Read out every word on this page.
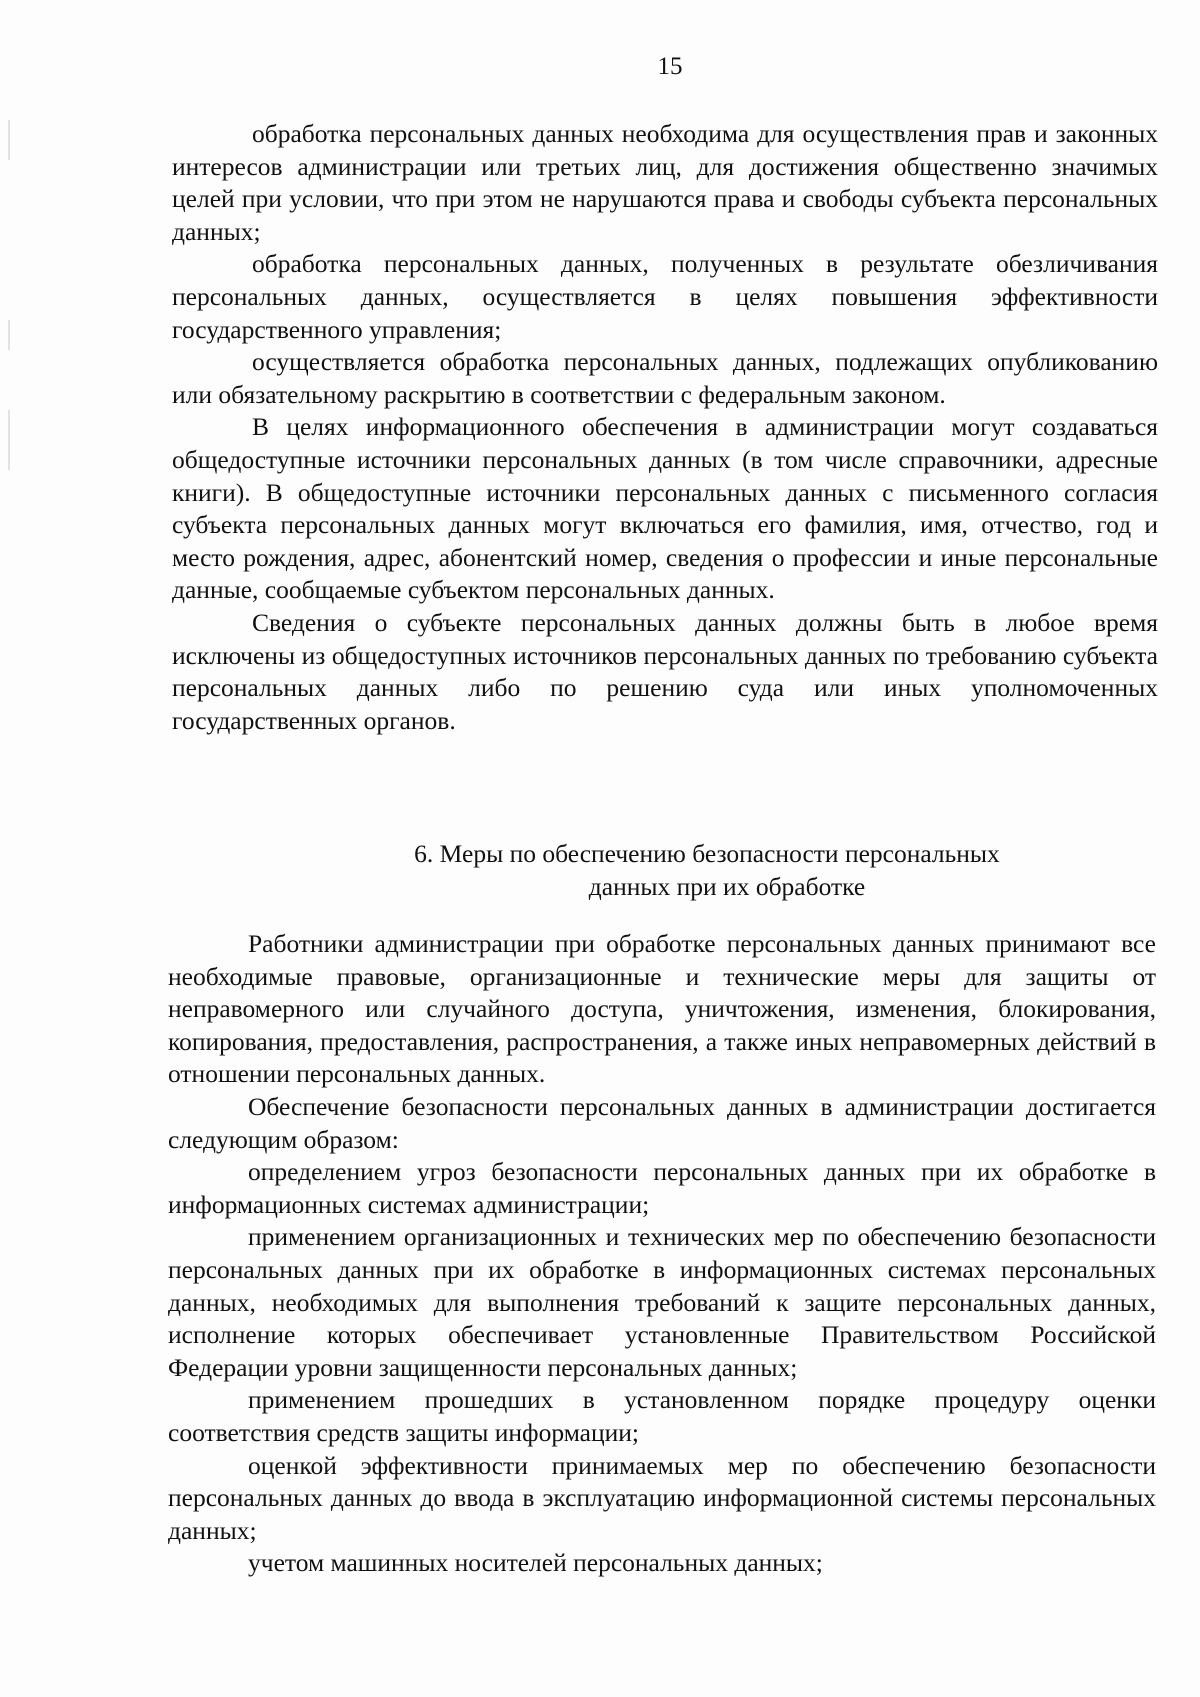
15

обработка персональных данных необходима для осуществления прав и законных интересов администрации или третьих лиц, для достижения общественно значимых целей при условии, что при этом не нарушаются права и свободы субъекта персональных данных;

обработка персональных данных, полученных в результате обезличивания персональных данных, осуществляется в целях повышения эффективности государственного управления;

осуществляется обработка персональных данных, подлежащих опубликованию или обязательному раскрытию в соответствии с федеральным законом.

В целях информационного обеспечения в администрации могут создаваться общедоступные источники персональных данных (в том числе справочники, адресные книги). В общедоступные источники персональных данных с письменного согласия субъекта персональных данных могут включаться его фамилия, имя, отчество, год и место рождения, адрес, абонентский номер, сведения о профессии и иные персональные данные, сообщаемые субъектом персональных данных.

Сведения о субъекте персональных данных должны быть в любое время исключены из общедоступных источников персональных данных по требованию субъекта персональных данных либо по решению суда или иных уполномоченных государственных органов.

6. Меры по обеспечению безопасности персональных
данных при их обработке

Работники администрации при обработке персональных данных принимают все необходимые правовые, организационные и технические меры для защиты от неправомерного или случайного доступа, уничтожения, изменения, блокирования, копирования, предоставления, распространения, а также иных неправомерных действий в отношении персональных данных.

Обеспечение безопасности персональных данных в администрации достигается следующим образом:

определением угроз безопасности персональных данных при их обработке в информационных системах администрации;

применением организационных и технических мер по обеспечению безопасности персональных данных при их обработке в информационных системах персональных данных, необходимых для выполнения требований к защите персональных данных, исполнение которых обеспечивает установленные Правительством Российской Федерации уровни защищенности персональных данных;

применением прошедших в установленном порядке процедуру оценки соответствия средств защиты информации;

оценкой эффективности принимаемых мер по обеспечению безопасности персональных данных до ввода в эксплуатацию информационной системы персональных данных;

учетом машинных носителей персональных данных;
